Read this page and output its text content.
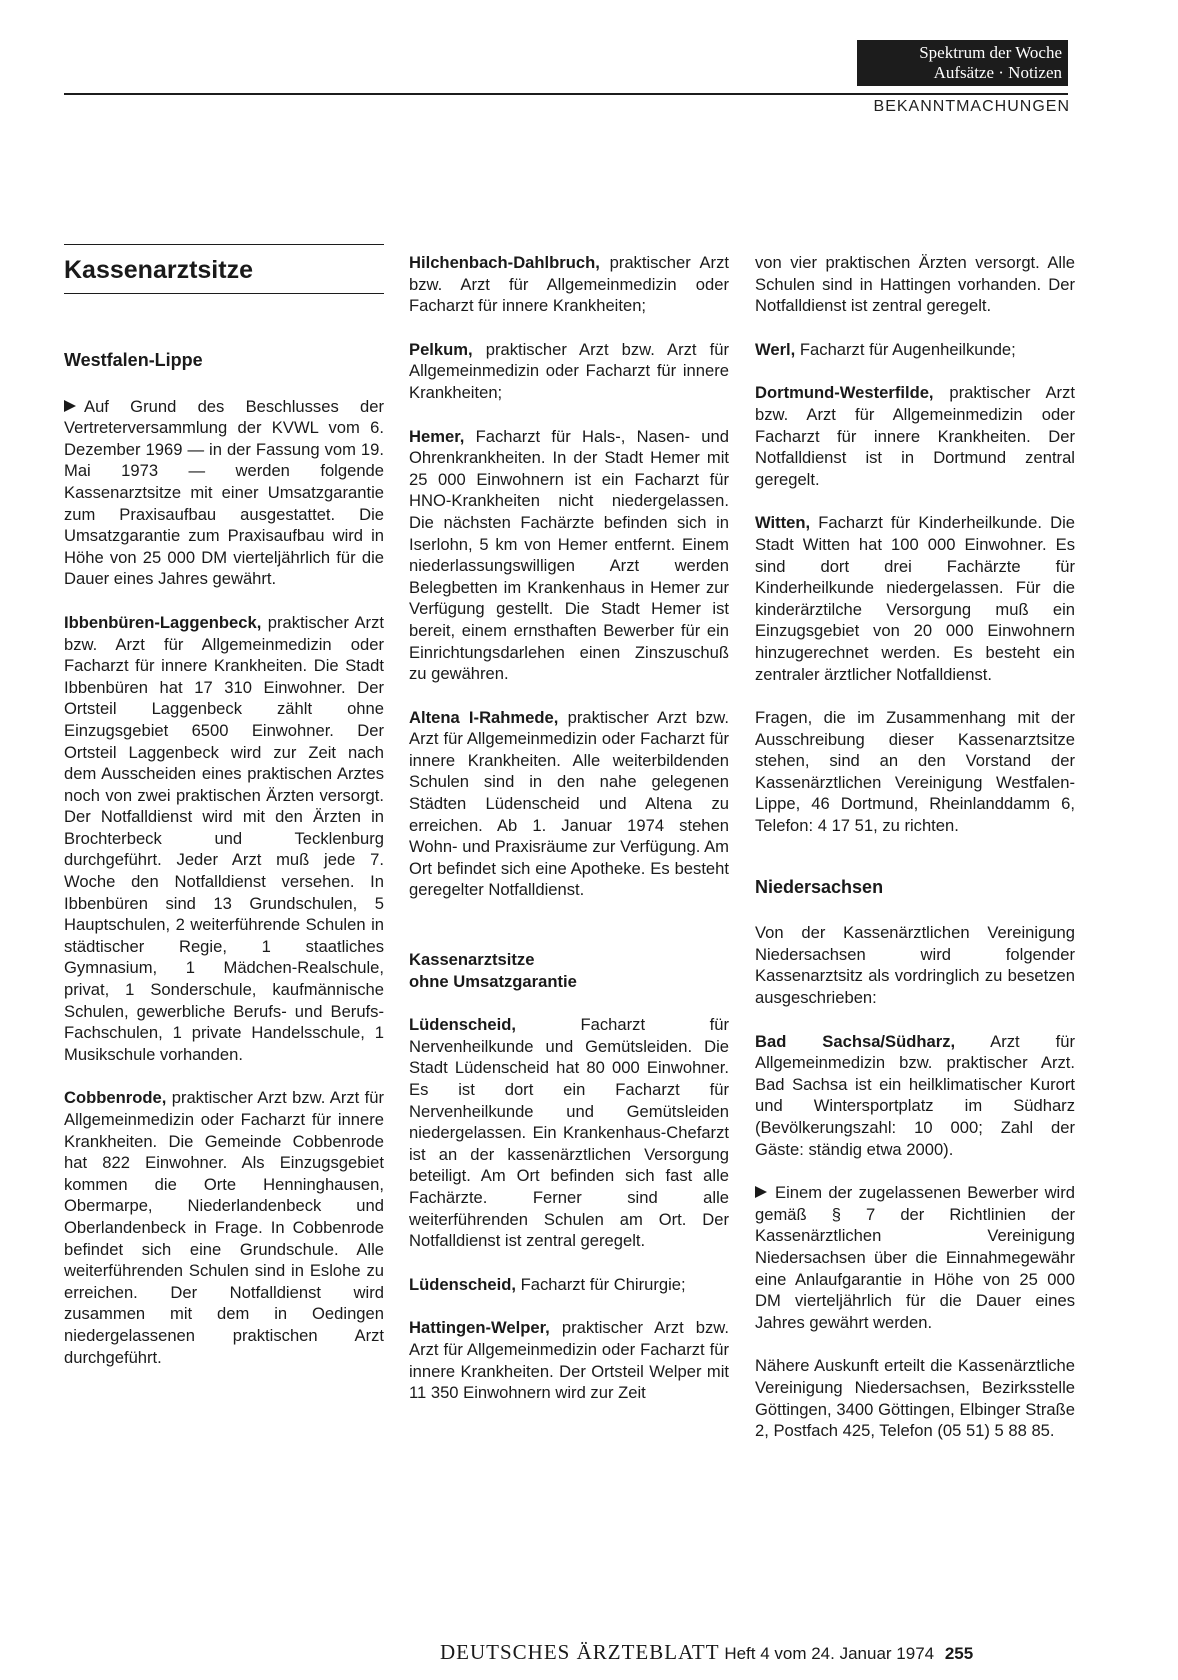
Spektrum der Woche
Aufsätze · Notizen
BEKANNTMACHUNGEN
Kassenarztsitze
Westfalen-Lippe

Auf Grund des Beschlusses der Vertreterversammlung der KVWL vom 6. Dezember 1969 — in der Fassung vom 19. Mai 1973 — werden folgende Kassenarztsitze mit einer Umsatzgarantie zum Praxisaufbau ausgestattet. Die Umsatzgarantie zum Praxisaufbau wird in Höhe von 25 000 DM vierteljährlich für die Dauer eines Jahres gewährt.

Ibbenbüren-Laggenbeck, praktischer Arzt bzw. Arzt für Allgemeinmedizin oder Facharzt für innere Krankheiten. Die Stadt Ibbenbüren hat 17 310 Einwohner. Der Ortsteil Laggenbeck zählt ohne Einzugsgebiet 6500 Einwohner. Der Ortsteil Laggenbeck wird zur Zeit nach dem Ausscheiden eines praktischen Arztes noch von zwei praktischen Ärzten versorgt. Der Notfalldienst wird mit den Ärzten in Brochterbeck und Tecklenburg durchgeführt. Jeder Arzt muß jede 7. Woche den Notfalldienst versehen. In Ibbenbüren sind 13 Grundschulen, 5 Hauptschulen, 2 weiterführende Schulen in städtischer Regie, 1 staatliches Gymnasium, 1 Mädchen-Realschule, privat, 1 Sonderschule, kaufmännische Schulen, gewerbliche Berufs- und Berufs-Fachschulen, 1 private Handelsschule, 1 Musikschule vorhanden.

Cobbenrode, praktischer Arzt bzw. Arzt für Allgemeinmedizin oder Facharzt für innere Krankheiten. Die Gemeinde Cobbenrode hat 822 Einwohner. Als Einzugsgebiet kommen die Orte Henninghausen, Obermarpe, Niederlandenbeck und Oberlandenbeck in Frage. In Cobbenrode befindet sich eine Grundschule. Alle weiterführenden Schulen sind in Eslohe zu erreichen. Der Notfalldienst wird zusammen mit dem in Oedingen niedergelassenen praktischen Arzt durchgeführt.

Hilchenbach-Dahlbruch, praktischer Arzt bzw. Arzt für Allgemeinmedizin oder Facharzt für innere Krankheiten;

Pelkum, praktischer Arzt bzw. Arzt für Allgemeinmedizin oder Facharzt für innere Krankheiten;

Hemer, Facharzt für Hals-, Nasen- und Ohrenkrankheiten. In der Stadt Hemer mit 25 000 Einwohnern ist ein Facharzt für HNO-Krankheiten nicht niedergelassen. Die nächsten Fachärzte befinden sich in Iserlohn, 5 km von Hemer entfernt. Einem niederlassungswilligen Arzt werden Belegbetten im Krankenhaus in Hemer zur Verfügung gestellt. Die Stadt Hemer ist bereit, einem ernsthaften Bewerber für ein Einrichtungsdarlehen einen Zinszuschuß zu gewähren.

Altena I-Rahmede, praktischer Arzt bzw. Arzt für Allgemeinmedizin oder Facharzt für innere Krankheiten. Alle weiterbildenden Schulen sind in den nahe gelegenen Städten Lüdenscheid und Altena zu erreichen. Ab 1. Januar 1974 stehen Wohn- und Praxisräume zur Verfügung. Am Ort befindet sich eine Apotheke. Es besteht geregelter Notfalldienst.

Kassenarztsitze
ohne Umsatzgarantie

Lüdenscheid,	Facharzt für Nervenheilkunde und Gemütsleiden. Die Stadt Lüdenscheid hat 80 000 Einwohner. Es ist dort ein Facharzt für Nervenheilkunde und Gemütsleiden niedergelassen. Ein Krankenhaus-Chefarzt ist an der kassenärztlichen Versorgung beteiligt. Am Ort befinden sich fast alle Fachärzte. Ferner sind alle weiterführenden Schulen am Ort. Der Notfalldienst ist zentral geregelt.

Lüdenscheid, Facharzt für Chirurgie;

Hattingen-Welper, praktischer Arzt bzw. Arzt für Allgemeinmedizin oder Facharzt für innere Krankheiten. Der Ortsteil Welper mit 11 350 Einwohnern wird zur Zeit

von vier praktischen Ärzten versorgt. Alle Schulen sind in Hattingen vorhanden. Der Notfalldienst ist zentral geregelt.

Werl, Facharzt für Augenheilkunde;

Dortmund-Westerfilde, praktischer Arzt bzw. Arzt für Allgemeinmedizin oder Facharzt für innere Krankheiten. Der Notfalldienst ist in Dortmund zentral geregelt.

Witten, Facharzt für Kinderheilkunde. Die Stadt Witten hat 100 000 Einwohner. Es sind dort drei Fachärzte für Kinderheilkunde niedergelassen. Für die kinderärztilche Versorgung muß ein Einzugsgebiet von 20 000 Einwohnern hinzugerechnet werden. Es besteht ein zentraler ärztlicher Notfalldienst.

Fragen, die im Zusammenhang mit der Ausschreibung dieser Kassenarztsitze stehen, sind an den Vorstand der Kassenärztlichen Vereinigung Westfalen-Lippe, 46 Dortmund, Rheinlanddamm 6, Telefon: 4 17 51, zu richten.

Niedersachsen

Von der Kassenärztlichen Vereinigung Niedersachsen wird folgender Kassenarztsitz als vordringlich zu besetzen ausgeschrieben:

Bad Sachsa/Südharz, Arzt für Allgemeinmedizin bzw. praktischer Arzt. Bad Sachsa ist ein heilklimatischer Kurort und Wintersportplatz im Südharz (Bevölkerungszahl: 10 000; Zahl der Gäste: ständig etwa 2000).

Einem der zugelassenen Bewerber wird gemäß § 7 der Richtlinien der Kassenärztlichen Vereinigung Niedersachsen über die Einnahmegewähr eine Anlaufgarantie in Höhe von 25 000 DM vierteljährlich für die Dauer eines Jahres gewährt werden.

Nähere Auskunft erteilt die Kassenärztliche Vereinigung Niedersachsen, Bezirksstelle Göttingen, 3400 Göttingen, Elbinger Straße 2, Postfach 425, Telefon (05 51) 5 88 85.

DEUTSCHES ÄRZTEBLATT Heft 4 vom 24. Januar 1974 255
